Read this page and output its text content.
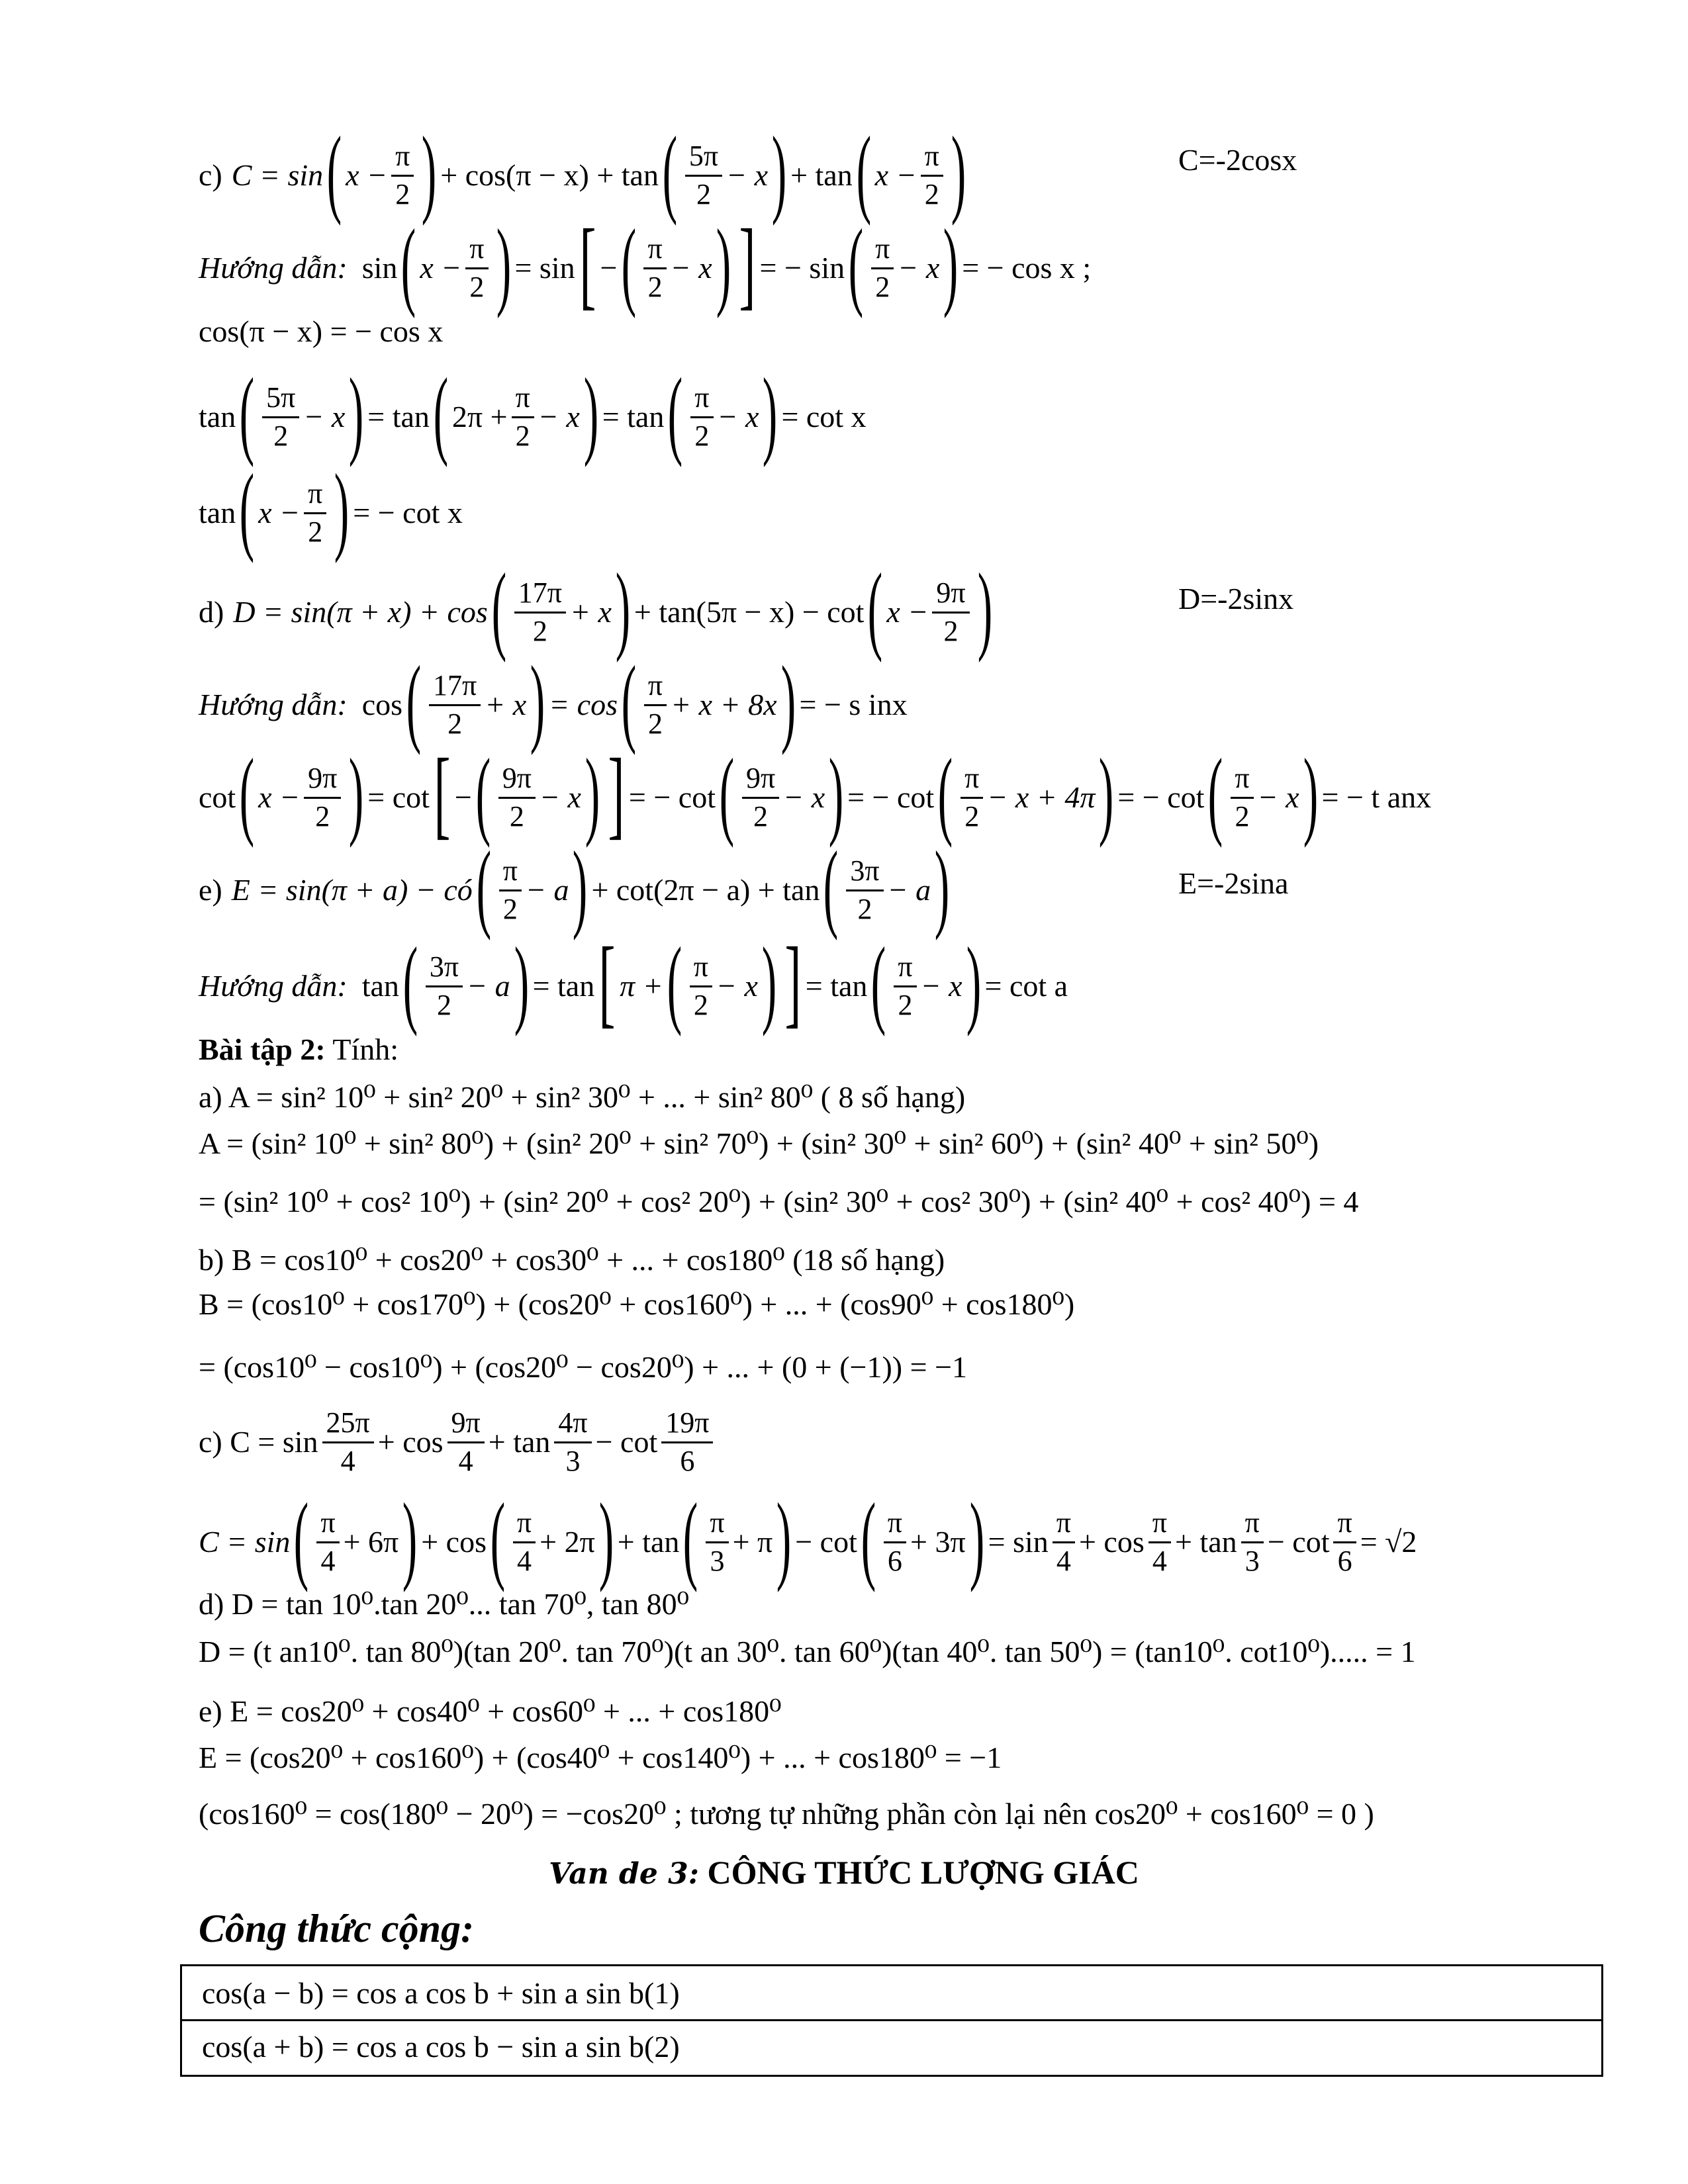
c) C = sin ( $x - \frac{\pi}{2}$ ) + cos(π − x) + tan ( $\frac{5\pi}{2} - x$ ) + tan ( $x - \frac{\pi}{2}$ )	C=-2cosx
Hướng dẫn: sin ( $x - \frac{\pi}{2}$ ) = sin [ − ( $\frac{\pi}{2} - x$ ) ] = − sin ( $\frac{\pi}{2} - x$ ) = − cos x ;
cos(π − x) = − cos x
tan ( $\frac{5\pi}{2} - x$ ) = tan ( $2\pi + \frac{\pi}{2} - x$ ) = tan ( $\frac{\pi}{2} - x$ ) = cot x
tan ( $x - \frac{\pi}{2}$ ) = − cot x
d) D = sin(π + x) + cos ( $\frac{17\pi}{2} + x$ ) + tan(5π − x) − cot ( $x - \frac{9\pi}{2}$ )	D=-2sinx
Hướng dẫn: cos ( $\frac{17\pi}{2} + x$ ) = cos ( $\frac{\pi}{2} + x + 8x$ ) = − s inx
cot ( $x - \frac{9\pi}{2}$ ) = cot [ − ( $\frac{9\pi}{2} - x$ ) ] = − cot ( $\frac{9\pi}{2} - x$ ) = − cot ( $\frac{\pi}{2} - x + 4\pi$ ) = − cot ( $\frac{\pi}{2} - x$ ) = − t anx
e) E = sin(π + a) − có ( $\frac{\pi}{2} - a$ ) + cot(2π − a) + tan ( $\frac{3\pi}{2} - a$ )	E=-2sina
Hướng dẫn: tan ( $\frac{3\pi}{2} - a$ ) = tan [ π + ( $\frac{\pi}{2} - x$ ) ] = tan ( $\frac{\pi}{2} - x$ ) = cot a
Bài tập 2: Tính:
a) A = sin² 10⁰ + sin² 20⁰ + sin² 30⁰ + ... + sin² 80⁰ ( 8 số hạng)
A = (sin² 10⁰ + sin² 80⁰) + (sin² 20⁰ + sin² 70⁰) + (sin² 30⁰ + sin² 60⁰) + (sin² 40⁰ + sin² 50⁰)
= (sin² 10⁰ + cos² 10⁰) + (sin² 20⁰ + cos² 20⁰) + (sin² 30⁰ + cos² 30⁰) + (sin² 40⁰ + cos² 40⁰) = 4
b) B = cos10⁰ + cos20⁰ + cos30⁰ + ... + cos180⁰ (18 số hạng)
B = (cos10⁰ + cos170⁰) + (cos20⁰ + cos160⁰) + ... + (cos90⁰ + cos180⁰)
= (cos10⁰ − cos10⁰) + (cos20⁰ − cos20⁰) + ... + (0 + (−1)) = −1
c) $C = \sin \frac{25\pi}{4} + \cos \frac{9\pi}{4} + \tan \frac{4\pi}{3} - \cot \frac{19\pi}{6}$
C = sin ( $\frac{\pi}{4} + 6\pi$ ) + cos ( $\frac{\pi}{4} + 2\pi$ ) + tan ( $\frac{\pi}{3} + \pi$ ) − cot ( $\frac{\pi}{6} + 3\pi$ ) = $\sin \frac{\pi}{4} + \cos \frac{\pi}{4} + \tan \frac{\pi}{3} - \cot \frac{\pi}{6} = √2$
d) D = tan 10⁰.tan 20⁰... tan 70⁰, tan 80⁰
D = (t an10⁰. tan 80⁰)(tan 20⁰. tan 70⁰)(t an 30⁰. tan 60⁰)(tan 40⁰. tan 50⁰) = (tan10⁰. cot10⁰)..... = 1
e) E = cos20⁰ + cos40⁰ + cos60⁰ + ... + cos180⁰
E = (cos20⁰ + cos160⁰) + (cos40⁰ + cos140⁰) + ... + cos180⁰ = −1
(cos160⁰ = cos(180⁰ − 20⁰) = −cos20⁰ ; tương tự những phần còn lại nên cos20⁰ + cos160⁰ = 0 )
Van de 3: CÔNG THỨC LƯỢNG GIÁC
Công thức cộng:
cos(a − b) = cos a cos b + sin a sin b(1)
cos(a + b) = cos a cos b − sin a sin b(2)
